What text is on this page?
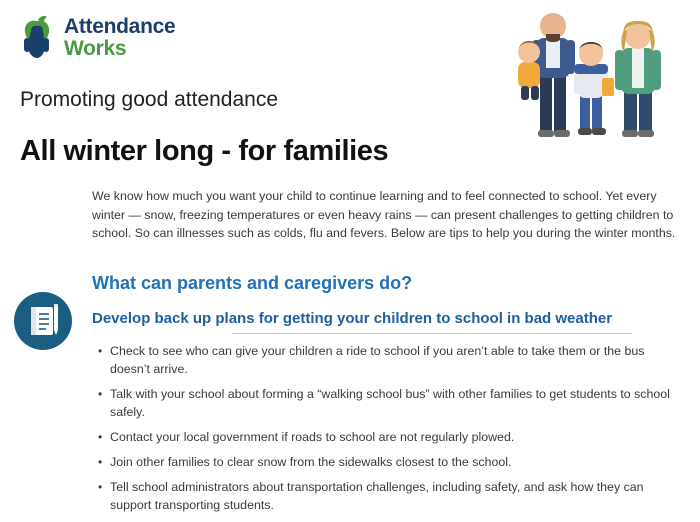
Attendance
Works
Promoting good attendance
All winter long - for families

We know how much you want your child to continue learning and to feel connected to school. Yet every winter — snow, freezing temperatures or even heavy rains — can present challenges to getting children to school. So can illnesses such as colds, flu and fevers. Below are tips to help you during the winter months.

What can parents and caregivers do?
Develop back up plans for getting your children to school in bad weather
• Check to see who can give your children a ride to school if you aren’t able to take them or the bus doesn’t arrive.
• Talk with your school about forming a “walking school bus” with other families to get students to school safely.
• Contact your local government if roads to school are not regularly plowed.
• Join other families to clear snow from the sidewalks closest to the school.
• Tell school administrators about transportation challenges, including safety, and ask how they can support transporting students.
